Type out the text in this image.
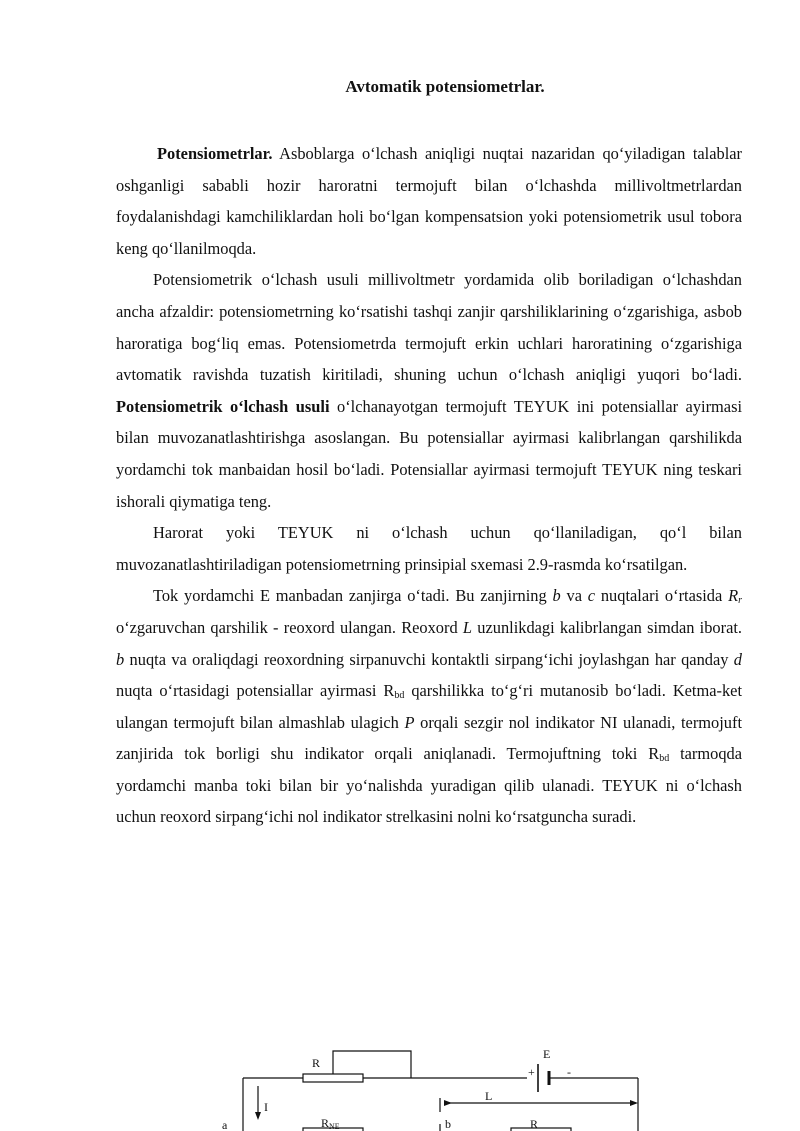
Avtomatik potensiometrlar.

Potensiometrlar. Asboblarga o‘lchash aniqligi nuqtai nazaridan qo‘yiladigan talablar oshganligi sababli hozir haroratni termojuft bilan o‘lchashda millivoltmetrlardan foydalanishdagi kamchiliklardan holi bo‘lgan kompensatsion yoki potensiometrik usul tobora keng qo‘llanilmoqda.

Potensiometrik o‘lchash usuli millivoltmetr yordamida olib boriladigan o‘lchashdan ancha afzaldir: potensiometrning ko‘rsatishi tashqi zanjir qarshiliklarining o‘zgarishiga, asbob haroratiga bog‘liq emas. Potensiometrda termojuft erkin uchlari haroratining o‘zgarishiga avtomatik ravishda tuzatish kiritiladi, shuning uchun o‘lchash aniqligi yuqori bo‘ladi. Potensiometrik o‘lchash usuli o‘lchanayotgan termojuft TEYUK ini potensiallar ayirmasi bilan muvozanatlashtirishga asoslangan. Bu potensiallar ayirmasi kalibrlangan qarshilikda yordamchi tok manbaidan hosil bo‘ladi. Potensiallar ayirmasi termojuft TEYUK ning teskari ishorali qiymatiga teng.

Harorat yoki TEYUK ni o‘lchash uchun qo‘llaniladigan, qo‘l bilan muvozanatlashtiriladigan potensiometrning prinsipial sxemasi 2.9-rasmda ko‘rsatilgan.

Tok yordamchi E manbadan zanjirga o‘tadi. Bu zanjirning b va c nuqtalari o‘rtasida $R_r$ o‘zgaruvchan qarshilik - reoxord ulangan. Reoxord L uzunlikdagi kalibrlangan simdan iborat. b nuqta va oraliqdagi reoxordning sirpanuvchi kontaktli sirpang‘ichi joylashgan har qanday d nuqta o‘rtasidagi potensiallar ayirmasi $R_{bd}$ qarshilikka to‘g‘ri mutanosib bo‘ladi. Ketma-ket ulangan termojuft bilan almashlab ulagich P orqali sezgir nol indikator NI ulanadi, termojuft zanjirida tok borligi shu indikator orqali aniqlanadi. Termojuftning toki $R_{bd}$ tarmoqda yordamchi manba toki bilan bir yo‘nalishda yuradigan qilib ulanadi. TEYUK ni o‘lchash uchun reoxord sirpang‘ichi nol indikator strelkasini nolni ko‘rsatguncha suradi.

R
E
+	-
L
I
a	RNE	b	R
